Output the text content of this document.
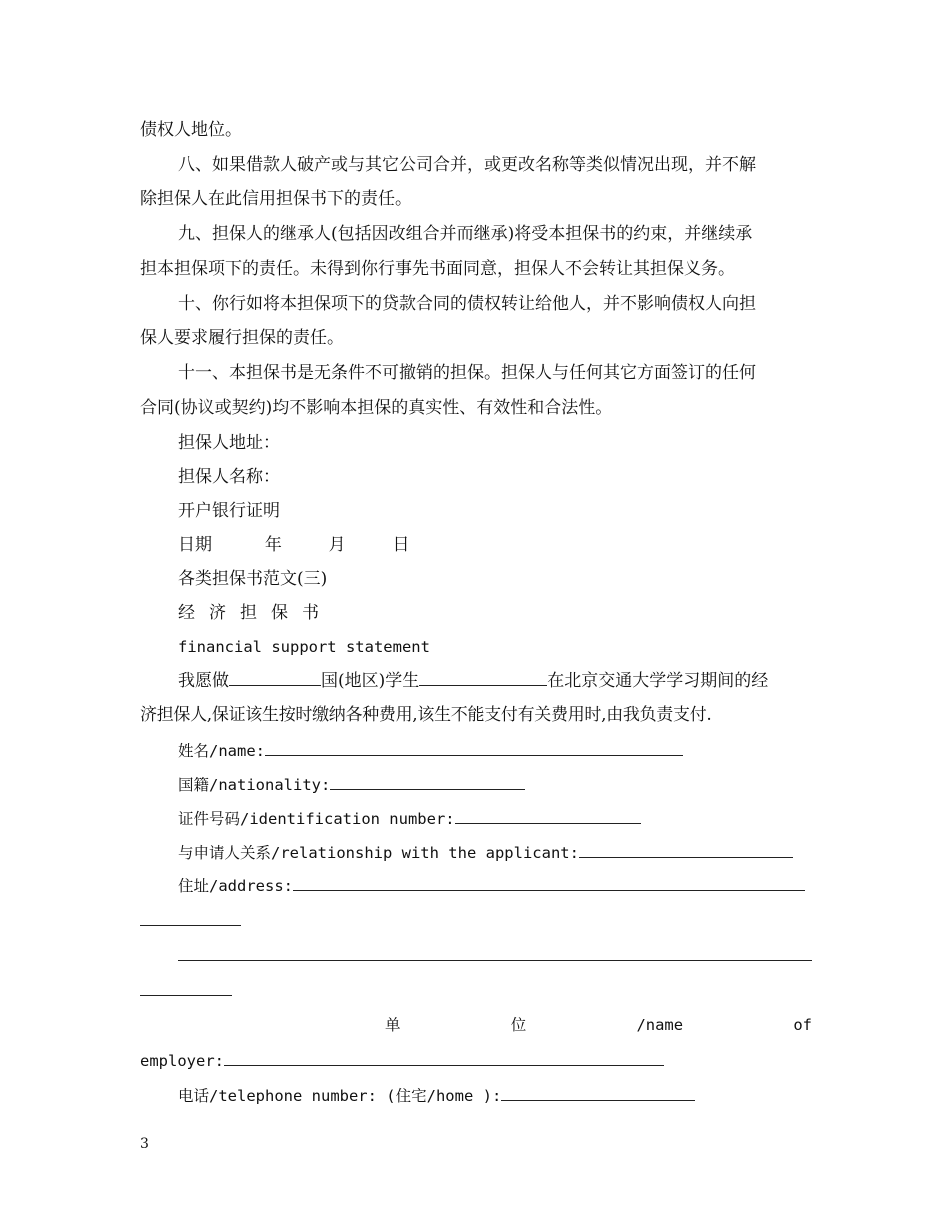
债权人地位。
八、如果借款人破产或与其它公司合并，或更改名称等类似情况出现，并不解
除担保人在此信用担保书下的责任。
九、担保人的继承人(包括因改组合并而继承)将受本担保书的约束，并继续承
担本担保项下的责任。未得到你行事先书面同意，担保人不会转让其担保义务。
十、你行如将本担保项下的贷款合同的债权转让给他人，并不影响债权人向担
保人要求履行担保的责任。
十一、本担保书是无条件不可撤销的担保。担保人与任何其它方面签订的任何
合同(协议或契约)均不影响本担保的真实性、有效性和合法性。
担保人地址：
担保人名称：
开户银行证明
日期	年	月	日
各类担保书范文(三)
经 济 担 保 书
financial support statement
我愿做	国(地区)学生	在北京交通大学学习期间的经
济担保人,保证该生按时缴纳各种费用,该生不能支付有关费用时,由我负责支付.
姓名/name:
国籍/nationality:
证件号码/identification number:
与申请人关系/relationship with the applicant:
住址/address:
单	位	/name	of
employer:
电话/telephone number: (住宅/home ):
3
